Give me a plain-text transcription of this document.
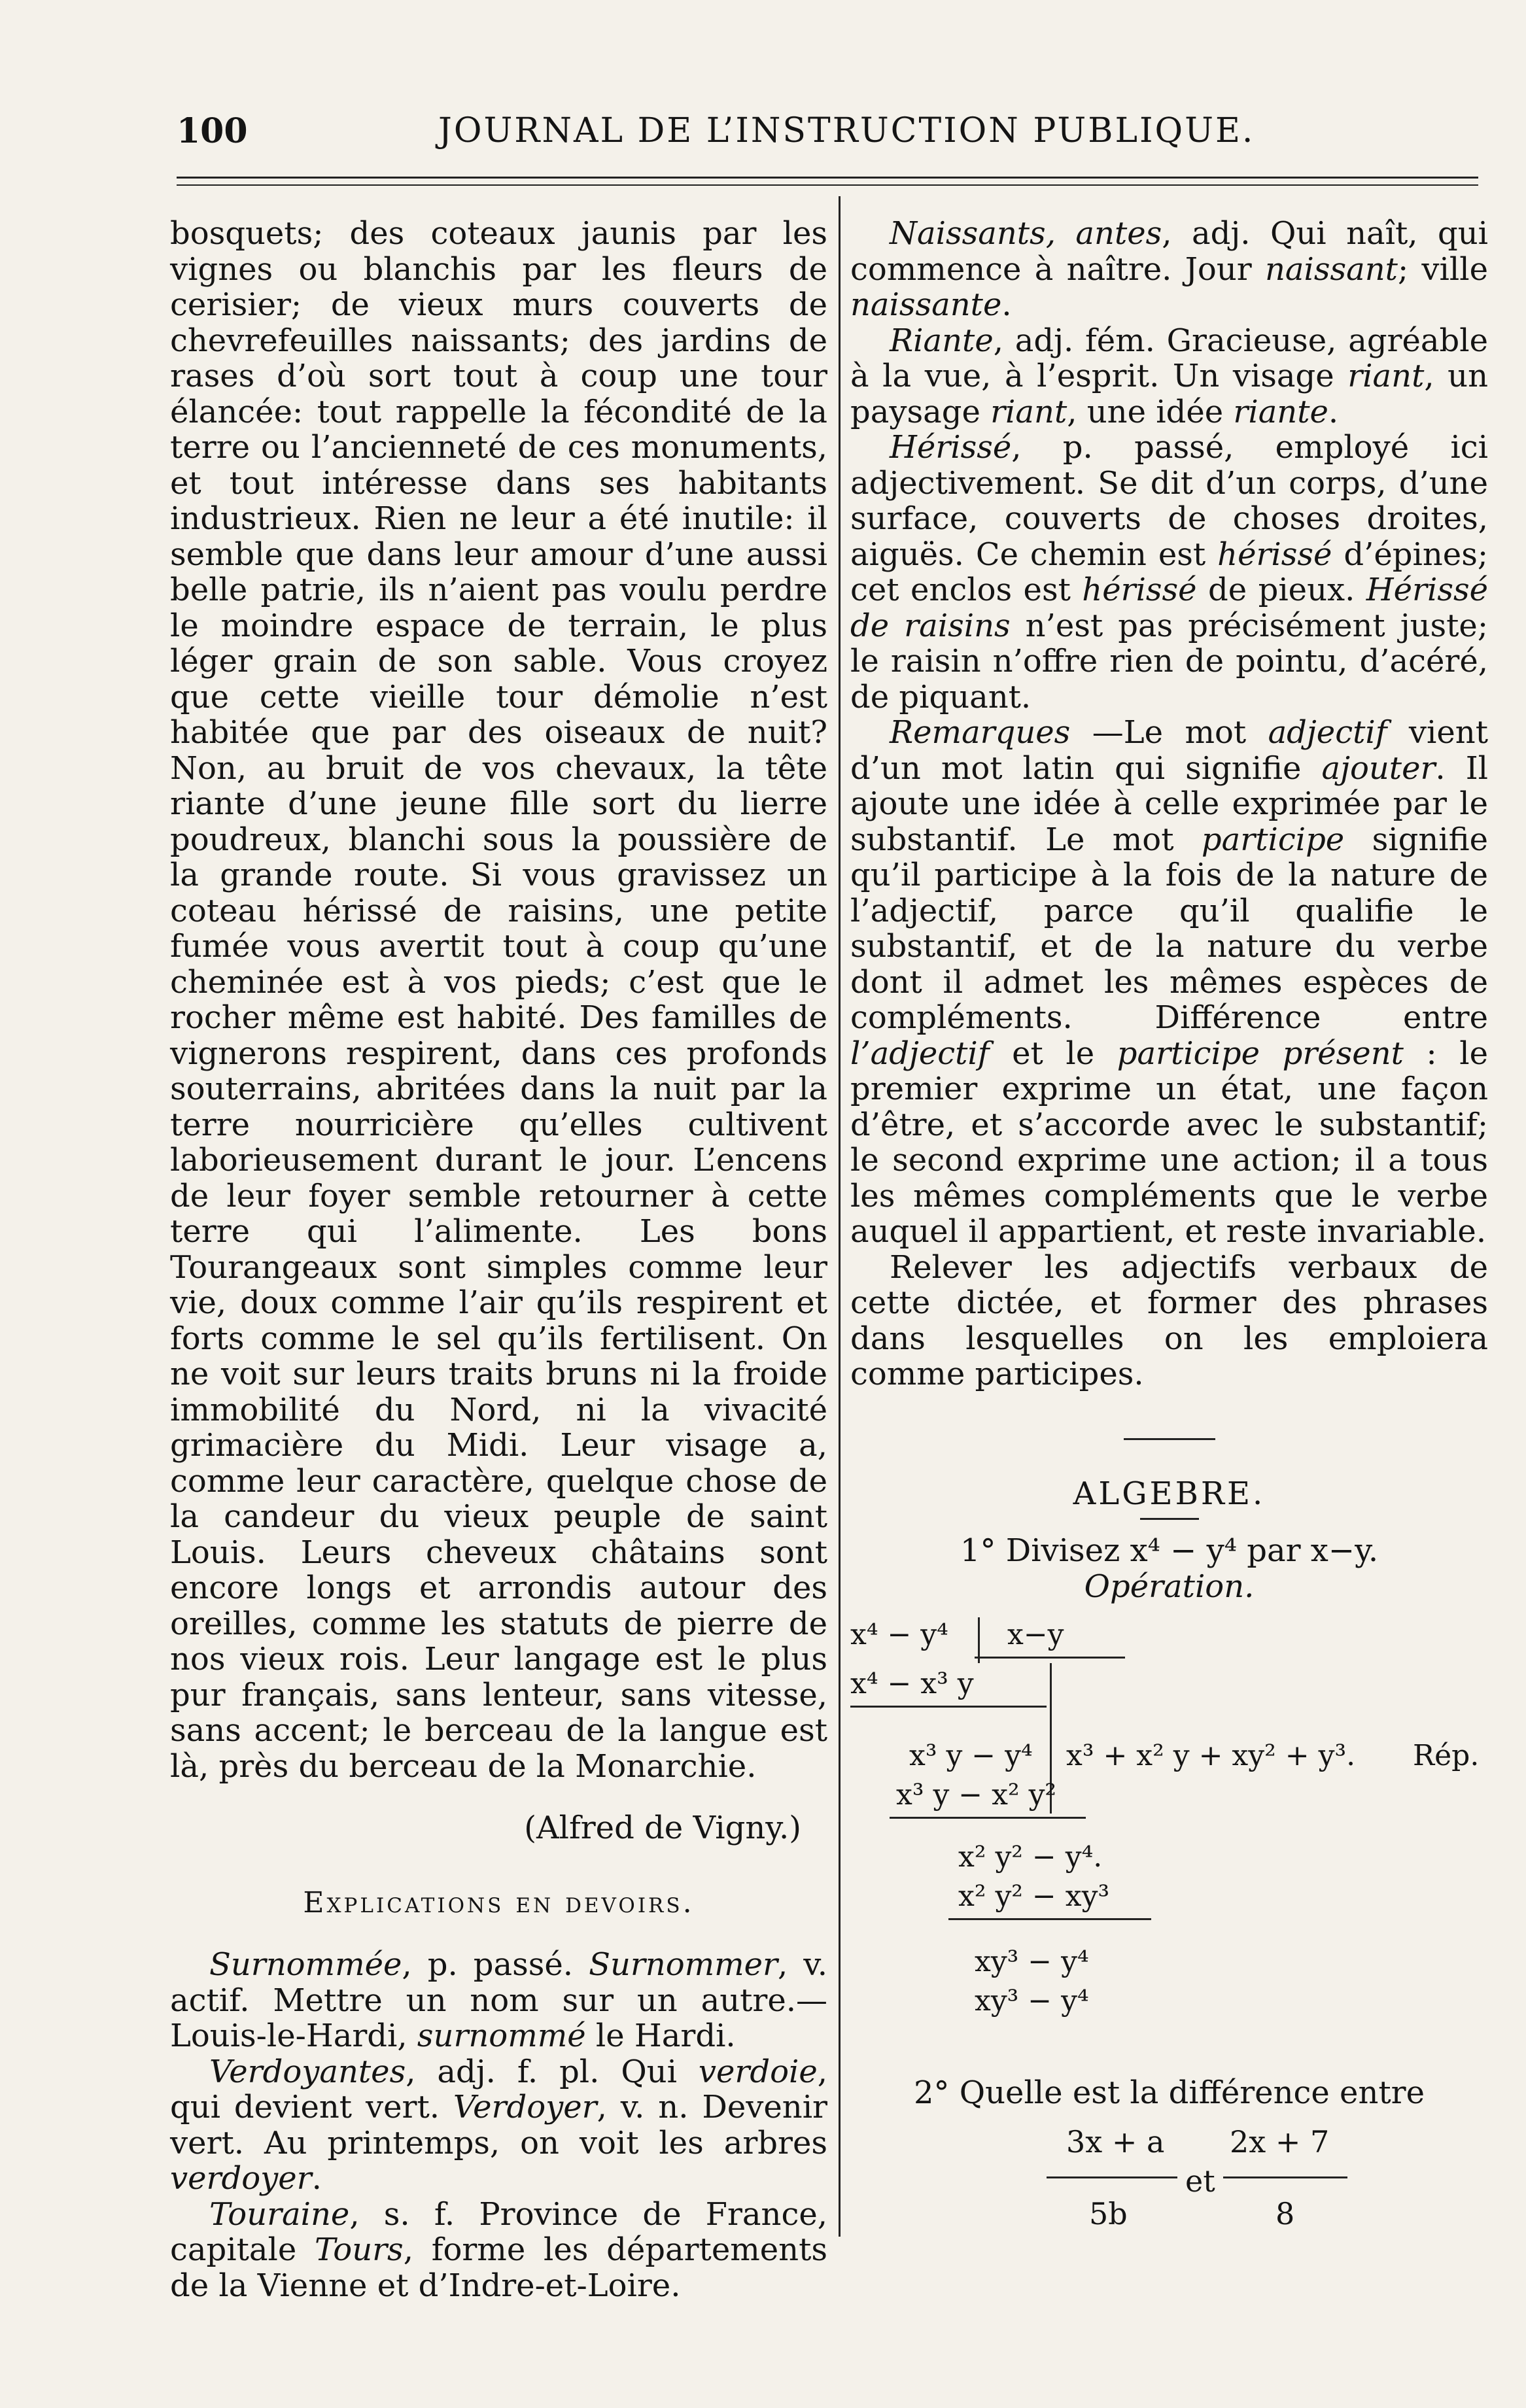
100	JOURNAL DE L’INSTRUCTION PUBLIQUE.

bosquets; des coteaux jaunis par les vignes ou blanchis par les fleurs de cerisier; de vieux murs couverts de chevrefeuilles naissants; des jardins de rases d’où sort tout à coup une tour élancée: tout rappelle la fécondité de la terre ou l’ancienneté de ces monuments, et tout intéresse dans ses habitants industrieux. Rien ne leur a été inutile: il semble que dans leur amour d’une aussi belle patrie, ils n’aient pas voulu perdre le moindre espace de terrain, le plus léger grain de son sable. Vous croyez que cette vieille tour démolie n’est habitée que par des oiseaux de nuit? Non, au bruit de vos chevaux, la tête riante d’une jeune fille sort du lierre poudreux, blanchi sous la poussière de la grande route. Si vous gravissez un coteau hérissé de raisins, une petite fumée vous avertit tout à coup qu’une cheminée est à vos pieds; c’est que le rocher même est habité. Des familles de vignerons respirent, dans ces profonds souterrains, abritées dans la nuit par la terre nourricière qu’elles cultivent laborieusement durant le jour. L’encens de leur foyer semble retourner à cette terre qui l’alimente. Les bons Tourangeaux sont simples comme leur vie, doux comme l’air qu’ils respirent et forts comme le sel qu’ils fertilisent. On ne voit sur leurs traits bruns ni la froide immobilité du Nord, ni la vivacité grimacière du Midi. Leur visage a, comme leur caractère, quelque chose de la candeur du vieux peuple de saint Louis. Leurs cheveux châtains sont encore longs et arrondis autour des oreilles, comme les statuts de pierre de nos vieux rois. Leur langage est le plus pur français, sans lenteur, sans vitesse, sans accent; le berceau de la langue est là, près du berceau de la Monarchie.

(Alfred de Vigny.)

Explications en devoirs.

Surnommée, p. passé. Surnommer, v. actif. Mettre un nom sur un autre.— Louis-le-Hardi, surnommé le Hardi.

Verdoyantes, adj. f. pl. Qui verdoie, qui devient vert. Verdoyer, v. n. Devenir vert. Au printemps, on voit les arbres verdoyer.

Touraine, s. f. Province de France, capitale Tours, forme les départements de la Vienne et d’Indre-et-Loire.

Naissants, antes, adj. Qui naît, qui commence à naître. Jour naissant; ville naissante.

Riante, adj. fém. Gracieuse, agréable à la vue, à l’esprit. Un visage riant, un paysage riant, une idée riante.

Hérissé, p. passé, employé ici adjectivement. Se dit d’un corps, d’une surface, couverts de choses droites, aiguës. Ce chemin est hérissé d’épines; cet enclos est hérissé de pieux. Hérissé de raisins n’est pas précisément juste; le raisin n’offre rien de pointu, d’acéré, de piquant.

Remarques —Le mot adjectif vient d’un mot latin qui signifie ajouter. Il ajoute une idée à celle exprimée par le substantif. Le mot participe signifie qu’il participe à la fois de la nature de l’adjectif, parce qu’il qualifie le substantif, et de la nature du verbe dont il admet les mêmes espèces de compléments. Différence entre l’adjectif et le participe présent : le premier exprime un état, une façon d’être, et s’accorde avec le substantif; le second exprime une action; il a tous les mêmes compléments que le verbe auquel il appartient, et reste invariable.

Relever les adjectifs verbaux de cette dictée, et former des phrases dans lesquelles on les emploiera comme participes.

ALGEBRE.

1° Divisez x⁴ − y⁴ par x−y.

Opération.

x⁴ − y⁴ x−y
x⁴ − x³ y
x³ y − y⁴ x³ + x² y + xy² + y³. Rép.
x³ y − x² y²
x² y² − y⁴.
x² y² − xy³
xy³ − y⁴
xy³ − y⁴

2° Quelle est la différence entre

3x + a
5b
et
2x + 7
8
